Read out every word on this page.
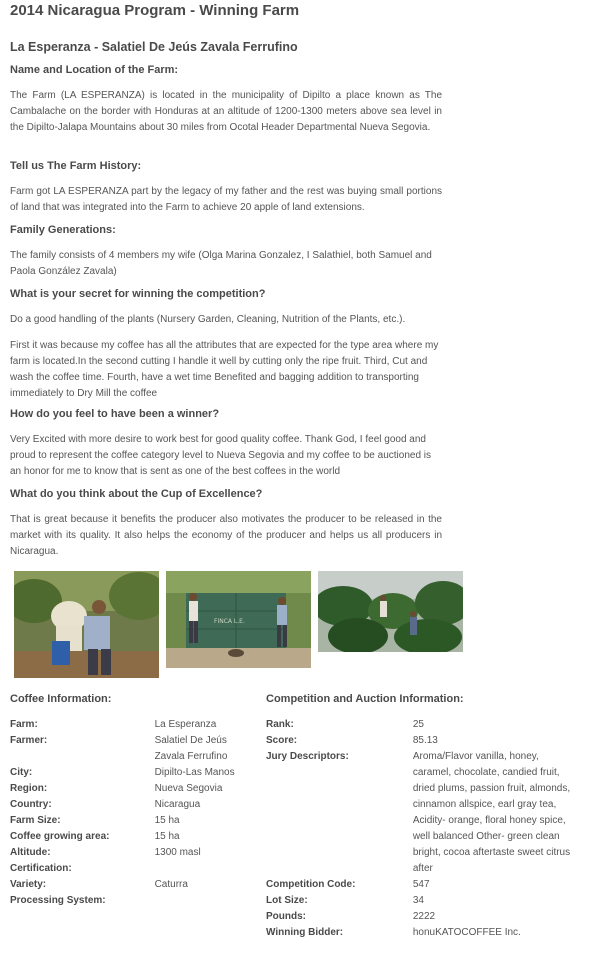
2014 Nicaragua Program - Winning Farm
La Esperanza - Salatiel De Jeús Zavala Ferrufino

Name and Location of the Farm:

The Farm (LA ESPERANZA) is located in the municipality of Dipilto a place known as The Cambalache on the border with Honduras at an altitude of 1200-1300 meters above sea level in the Dipilto-Jalapa Mountains about 30 miles from Ocotal Header Departmental Nueva Segovia.

Tell us The Farm History:

Farm got LA ESPERANZA part by the legacy of my father and the rest was buying small portions of land that was integrated into the Farm to achieve 20 apple of land extensions.

Family Generations:

The family consists of 4 members my wife (Olga Marina Gonzalez, I Salathiel, both Samuel and Paola González Zavala)

What is your secret for winning the competition?

Do a good handling of the plants (Nursery Garden, Cleaning, Nutrition of the Plants, etc.).

First it was because my coffee has all the attributes that are expected for the type area where my farm is located.In the second cutting I handle it well by cutting only the ripe fruit. Third, Cut and wash the coffee time. Fourth, have a wet time Benefited and bagging addition to transporting immediately to Dry Mill the coffee

How do you feel to have been a winner?

Very Excited with more desire to work best for good quality coffee. Thank God, I feel good and proud to represent the coffee category level to Nueva Segovia and my coffee to be auctioned is an honor for me to know that is sent as one of the best coffees in the world

What do you think about the Cup of Excellence?

That is great because it benefits the producer also motivates the producer to be released in the market with its quality. It also helps the economy of the producer and helps us all producers in Nicaragua.

FINCA L.E.
Coffee Information:
Farm:	La Esperanza
Farmer:	Salatiel De Jeús Zavala Ferrufino
City:	Dipilto-Las Manos
Region:	Nueva Segovia
Country:	Nicaragua
Farm Size:	15 ha
Coffee growing area:	15 ha
Altitude:	1300 masl
Certification:	
Variety:	Caturra
Processing System:	
Competition and Auction Information:
Rank:	25
Score:	85.13
Jury Descriptors:	Aroma/Flavor vanilla, honey, caramel, chocolate, candied fruit, dried plums, passion fruit, almonds, cinnamon allspice, earl gray tea, Acidity- orange, floral honey spice, well balanced Other- green clean bright, cocoa aftertaste sweet citrus after
Competition Code:	547
Lot Size:	34
Pounds:	2222
Winning Bidder:	honuKATOCOFFEE Inc.
